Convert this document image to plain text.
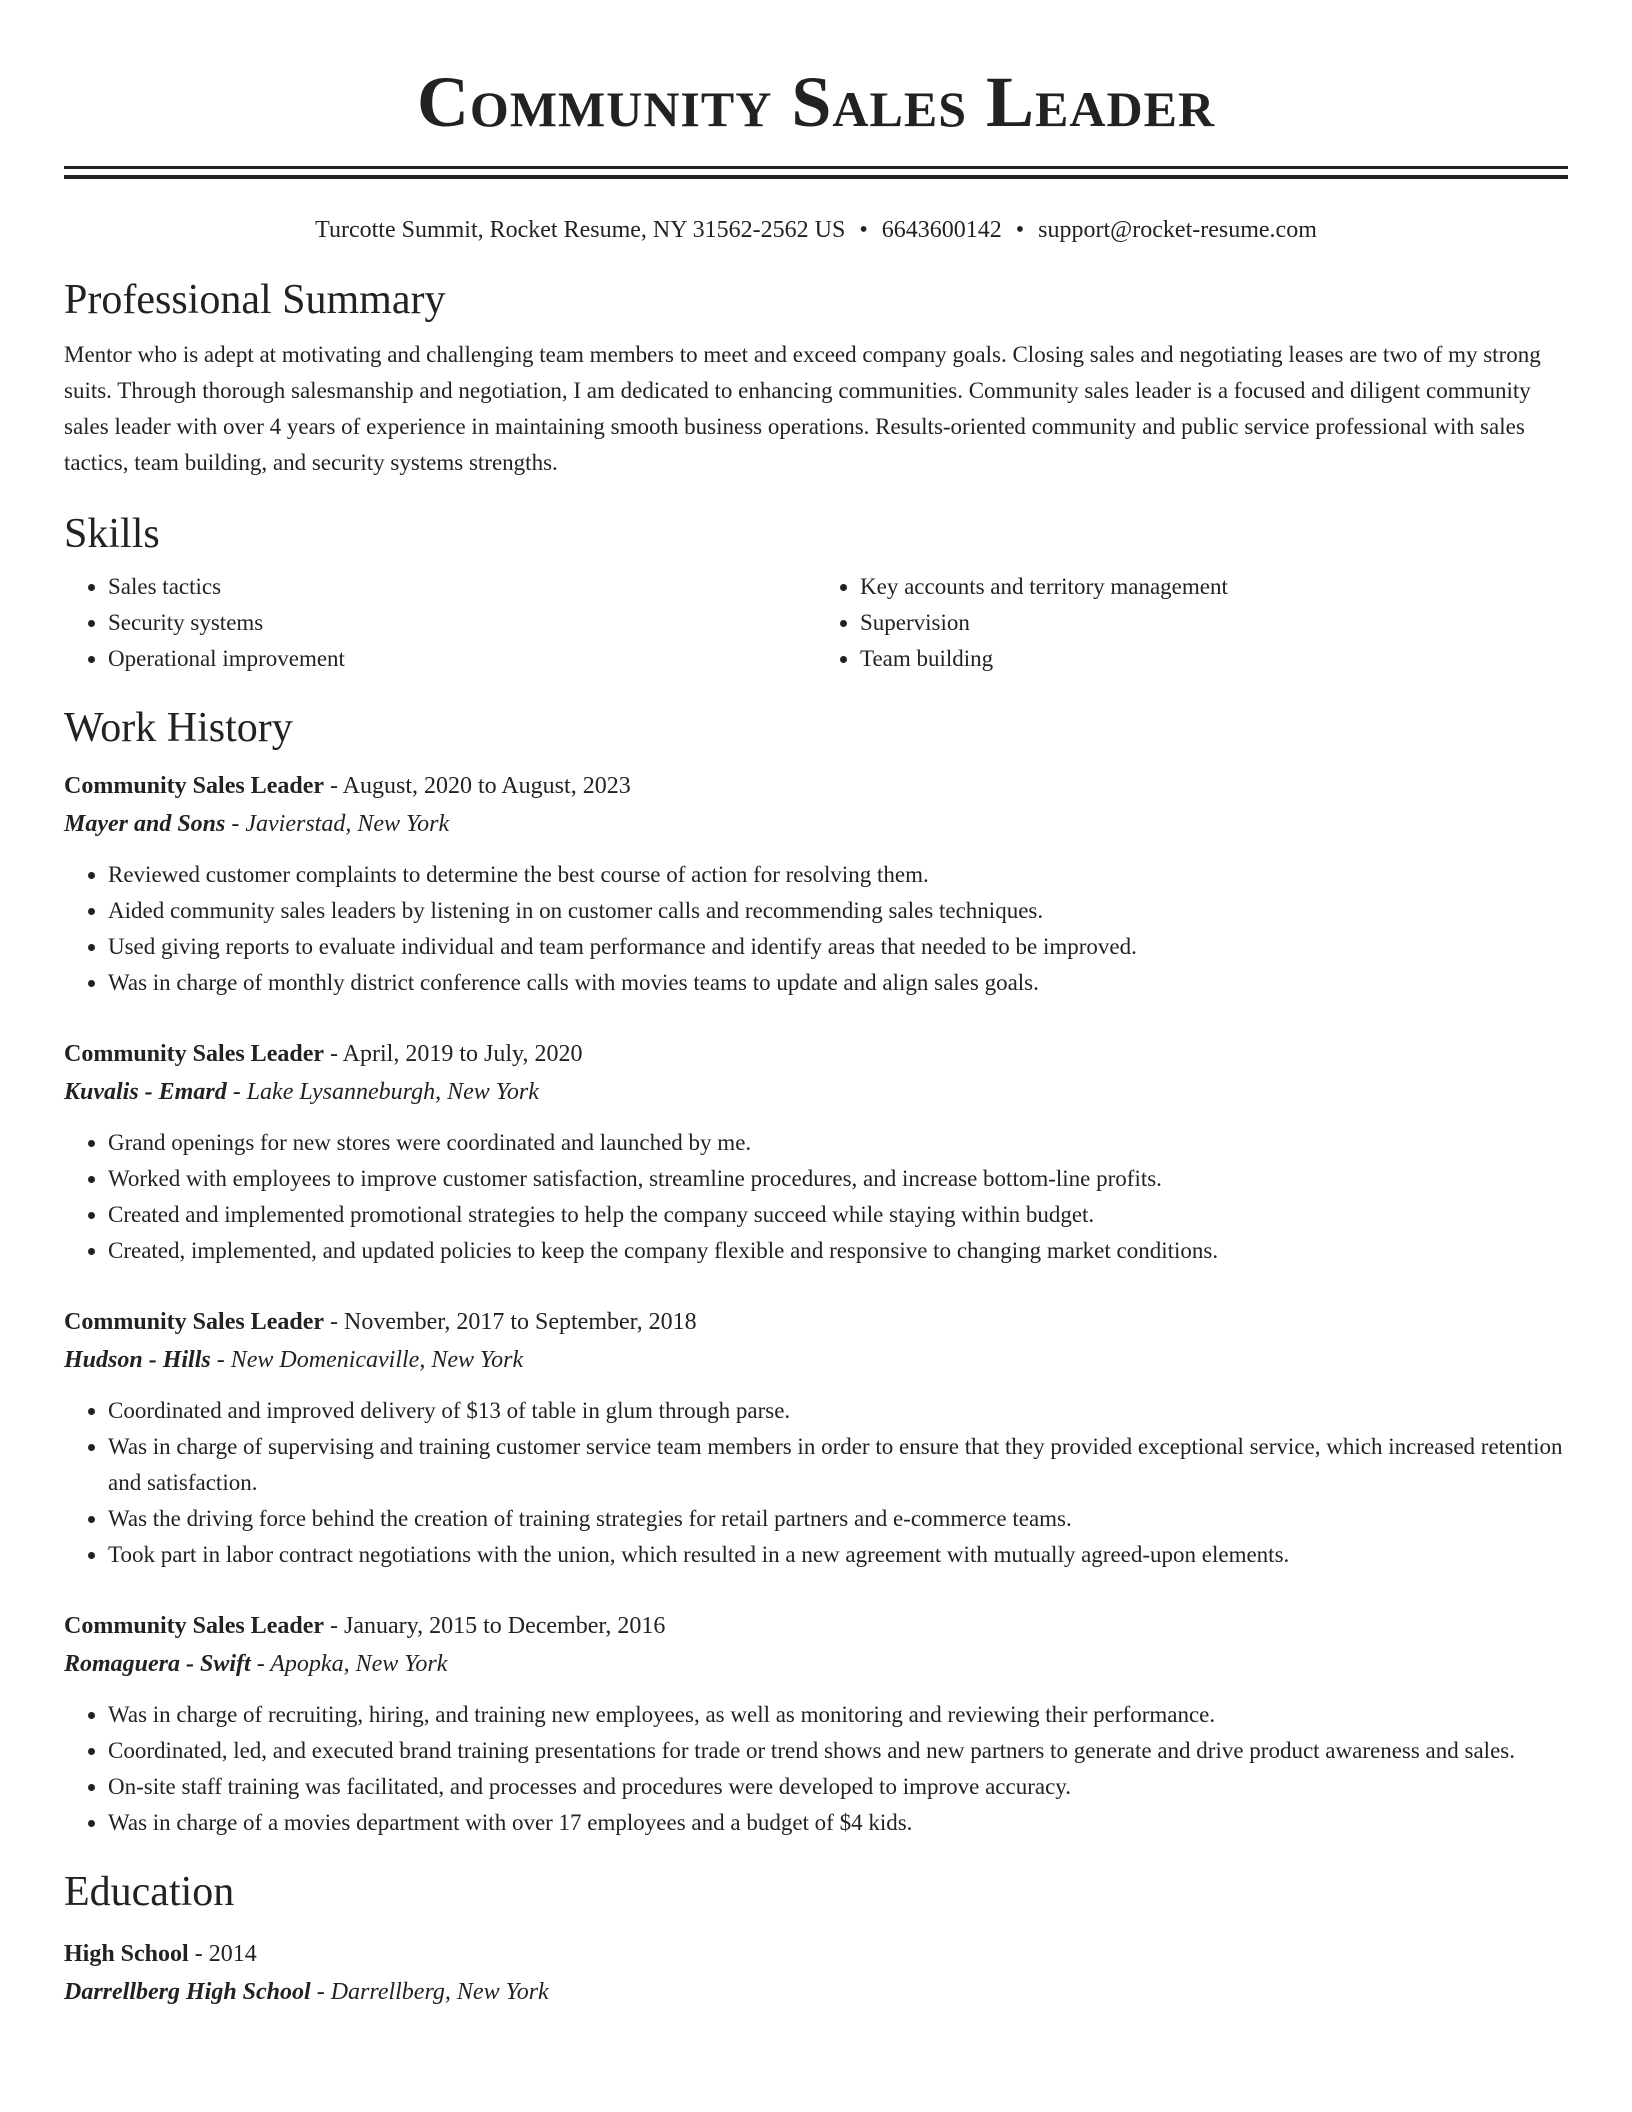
Community Sales Leader
Turcotte Summit, Rocket Resume, NY 31562-2562 US • 6643600142 • support@rocket-resume.com
Professional Summary

Mentor who is adept at motivating and challenging team members to meet and exceed company goals. Closing sales and negotiating leases are two of my strong suits. Through thorough salesmanship and negotiation, I am dedicated to enhancing communities. Community sales leader is a focused and diligent community sales leader with over 4 years of experience in maintaining smooth business operations. Results-oriented community and public service professional with sales tactics, team building, and security systems strengths.

Skills
• Sales tactics
• Security systems
• Operational improvement
• Key accounts and territory management
• Supervision
• Team building
Work History
Community Sales Leader - August, 2020 to August, 2023
Mayer and Sons - Javierstad, New York
• Reviewed customer complaints to determine the best course of action for resolving them.
• Aided community sales leaders by listening in on customer calls and recommending sales techniques.
• Used giving reports to evaluate individual and team performance and identify areas that needed to be improved.
• Was in charge of monthly district conference calls with movies teams to update and align sales goals.
Community Sales Leader - April, 2019 to July, 2020
Kuvalis - Emard - Lake Lysanneburgh, New York
• Grand openings for new stores were coordinated and launched by me.
• Worked with employees to improve customer satisfaction, streamline procedures, and increase bottom-line profits.
• Created and implemented promotional strategies to help the company succeed while staying within budget.
• Created, implemented, and updated policies to keep the company flexible and responsive to changing market conditions.
Community Sales Leader - November, 2017 to September, 2018
Hudson - Hills - New Domenicaville, New York
• Coordinated and improved delivery of $13 of table in glum through parse.
• Was in charge of supervising and training customer service team members in order to ensure that they provided exceptional service, which increased retention and satisfaction.
• Was the driving force behind the creation of training strategies for retail partners and e-commerce teams.
• Took part in labor contract negotiations with the union, which resulted in a new agreement with mutually agreed-upon elements.
Community Sales Leader - January, 2015 to December, 2016
Romaguera - Swift - Apopka, New York
• Was in charge of recruiting, hiring, and training new employees, as well as monitoring and reviewing their performance.
• Coordinated, led, and executed brand training presentations for trade or trend shows and new partners to generate and drive product awareness and sales.
• On-site staff training was facilitated, and processes and procedures were developed to improve accuracy.
• Was in charge of a movies department with over 17 employees and a budget of $4 kids.
Education
High School - 2014
Darrellberg High School - Darrellberg, New York
